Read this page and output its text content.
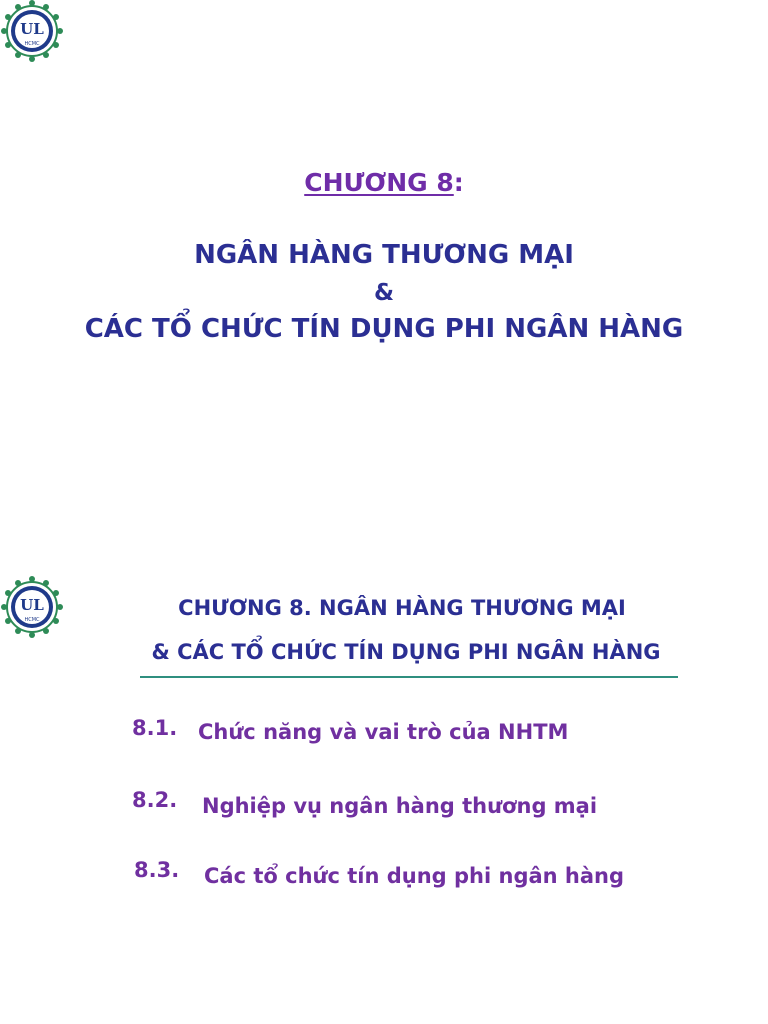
UL
HCMC
CHƯƠNG 8:
NGÂN HÀNG THƯƠNG MẠI
&
CÁC TỔ CHỨC TÍN DỤNG PHI NGÂN HÀNG
UL
HCMC	CHƯƠNG 8. NGÂN HÀNG THƯƠNG MẠI
& CÁC TỔ CHỨC TÍN DỤNG PHI NGÂN HÀNG
8.1. Chức năng và vai trò của NHTM
8.2. Nghiệp vụ ngân hàng thương mại
8.3. Các tổ chức tín dụng phi ngân hàng
